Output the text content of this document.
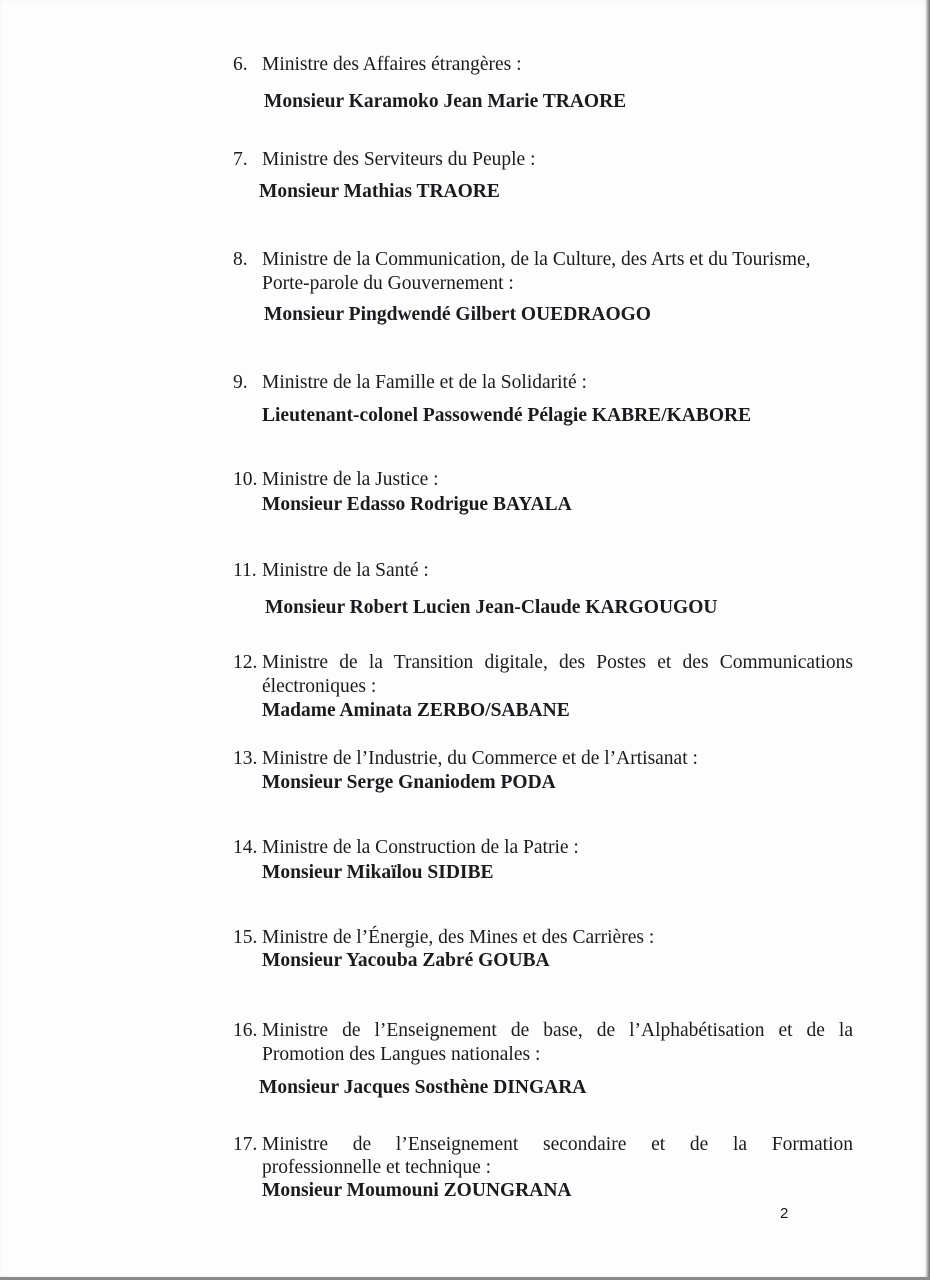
6. Ministre des Affaires étrangères :
Monsieur Karamoko Jean Marie TRAORE
7. Ministre des Serviteurs du Peuple :
Monsieur Mathias TRAORE
8. Ministre de la Communication, de la Culture, des Arts et du Tourisme,
Porte-parole du Gouvernement :
Monsieur Pingdwendé Gilbert OUEDRAOGO
9. Ministre de la Famille et de la Solidarité :
Lieutenant-colonel Passowendé Pélagie KABRE/KABORE
10. Ministre de la Justice :
Monsieur Edasso Rodrigue BAYALA
11. Ministre de la Santé :
Monsieur Robert Lucien Jean-Claude KARGOUGOU
12. Ministre de la Transition digitale, des Postes et des Communications
électroniques :
Madame Aminata ZERBO/SABANE
13. Ministre de l’Industrie, du Commerce et de l’Artisanat :
Monsieur Serge Gnaniodem PODA
14. Ministre de la Construction de la Patrie :
Monsieur Mikaïlou SIDIBE
15. Ministre de l’Énergie, des Mines et des Carrières :
Monsieur Yacouba Zabré GOUBA
16. Ministre de l’Enseignement de base, de l’Alphabétisation et de la
Promotion des Langues nationales :
Monsieur Jacques Sosthène DINGARA
17. Ministre de l’Enseignement secondaire et de la Formation
professionnelle et technique :
Monsieur Moumouni ZOUNGRANA
2
